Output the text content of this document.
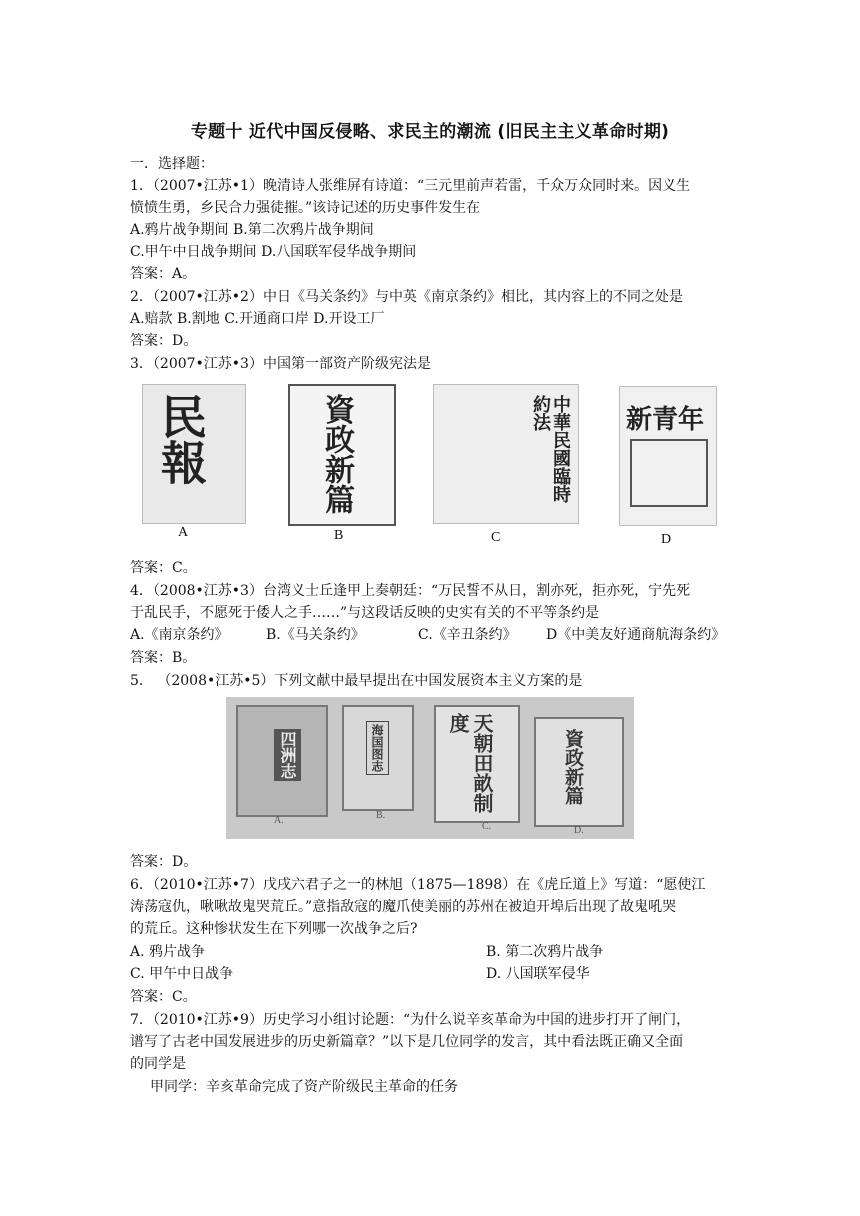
专题十 近代中国反侵略、求民主的潮流 (旧民主主义革命时期)
一．选择题：
1．（2007•江苏•1）晚清诗人张维屏有诗道：“三元里前声若雷，千众万众同时来。因义生
愤愤生勇，乡民合力强徒摧。”该诗记述的历史事件发生在
A.鸦片战争期间 B.第二次鸦片战争期间
C.甲午中日战争期间 D.八国联军侵华战争期间
答案：A。
2．（2007•江苏•2）中日《马关条约》与中英《南京条约》相比，其内容上的不同之处是
A.赔款 B.割地 C.开通商口岸 D.开设工厂
答案：D。
3．（2007•江苏•3）中国第一部资产阶级宪法是
民報
A
資政新篇
B
中華民國臨時約法
C
新青年
D
答案：C。
4．（2008•江苏•3）台湾义士丘逢甲上奏朝廷：“万民誓不从日，割亦死，拒亦死，宁先死
于乱民手，不愿死于倭人之手……”与这段话反映的史实有关的不平等条约是
A.《南京条约》	B.《马关条约》	C.《辛丑条约》 D《中美友好通商航海条约》
答案：B。
5． （2008•江苏•5）下列文献中最早提出在中国发展资本主义方案的是
四洲志
A.
海国图志
B.
天朝田畝制度
C.
資政新篇
D.
答案：D。
6．（2010•江苏•7）戊戌六君子之一的林旭（1875—1898）在《虎丘道上》写道：“愿使江
涛荡寇仇，啾啾故鬼哭荒丘。”意指敌寇的魔爪使美丽的苏州在被迫开埠后出现了故鬼吼哭
的荒丘。这种惨状发生在下列哪一次战争之后?
A. 鸦片战争	B. 第二次鸦片战争
C. 甲午中日战争	D. 八国联军侵华
答案：C。
7．（2010•江苏•9）历史学习小组讨论题：“为什么说辛亥革命为中国的进步打开了闸门，
谱写了古老中国发展进步的历史新篇章？”以下是几位同学的发言，其中看法既正确又全面
的同学是
甲同学：辛亥革命完成了资产阶级民主革命的任务
